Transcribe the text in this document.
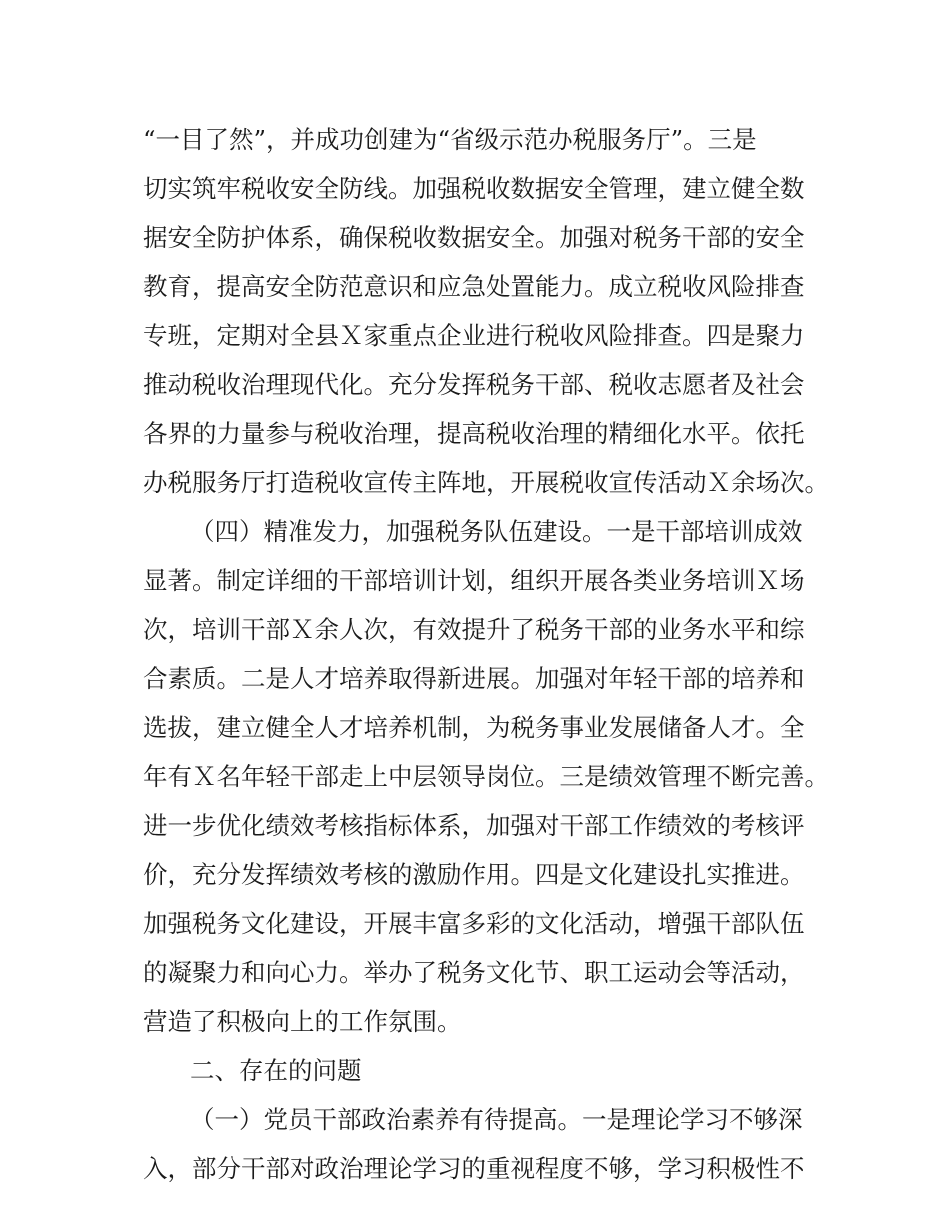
“一目了然”，并成功创建为“省级示范办税服务厅”。三是

切实筑牢税收安全防线。加强税收数据安全管理，建立健全数

据安全防护体系，确保税收数据安全。加强对税务干部的安全

教育，提高安全防范意识和应急处置能力。成立税收风险排查

专班，定期对全县Ｘ家重点企业进行税收风险排查。四是聚力

推动税收治理现代化。充分发挥税务干部、税收志愿者及社会

各界的力量参与税收治理，提高税收治理的精细化水平。依托

办税服务厅打造税收宣传主阵地，开展税收宣传活动Ｘ余场次。

（四）精准发力，加强税务队伍建设。一是干部培训成效

显著。制定详细的干部培训计划，组织开展各类业务培训Ｘ场

次，培训干部Ｘ余人次，有效提升了税务干部的业务水平和综

合素质。二是人才培养取得新进展。加强对年轻干部的培养和

选拔，建立健全人才培养机制，为税务事业发展储备人才。全

年有Ｘ名年轻干部走上中层领导岗位。三是绩效管理不断完善。

进一步优化绩效考核指标体系，加强对干部工作绩效的考核评

价，充分发挥绩效考核的激励作用。四是文化建设扎实推进。

加强税务文化建设，开展丰富多彩的文化活动，增强干部队伍

的凝聚力和向心力。举办了税务文化节、职工运动会等活动，

营造了积极向上的工作氛围。

二、存在的问题

（一）党员干部政治素养有待提高。一是理论学习不够深

入，部分干部对政治理论学习的重视程度不够，学习积极性不
